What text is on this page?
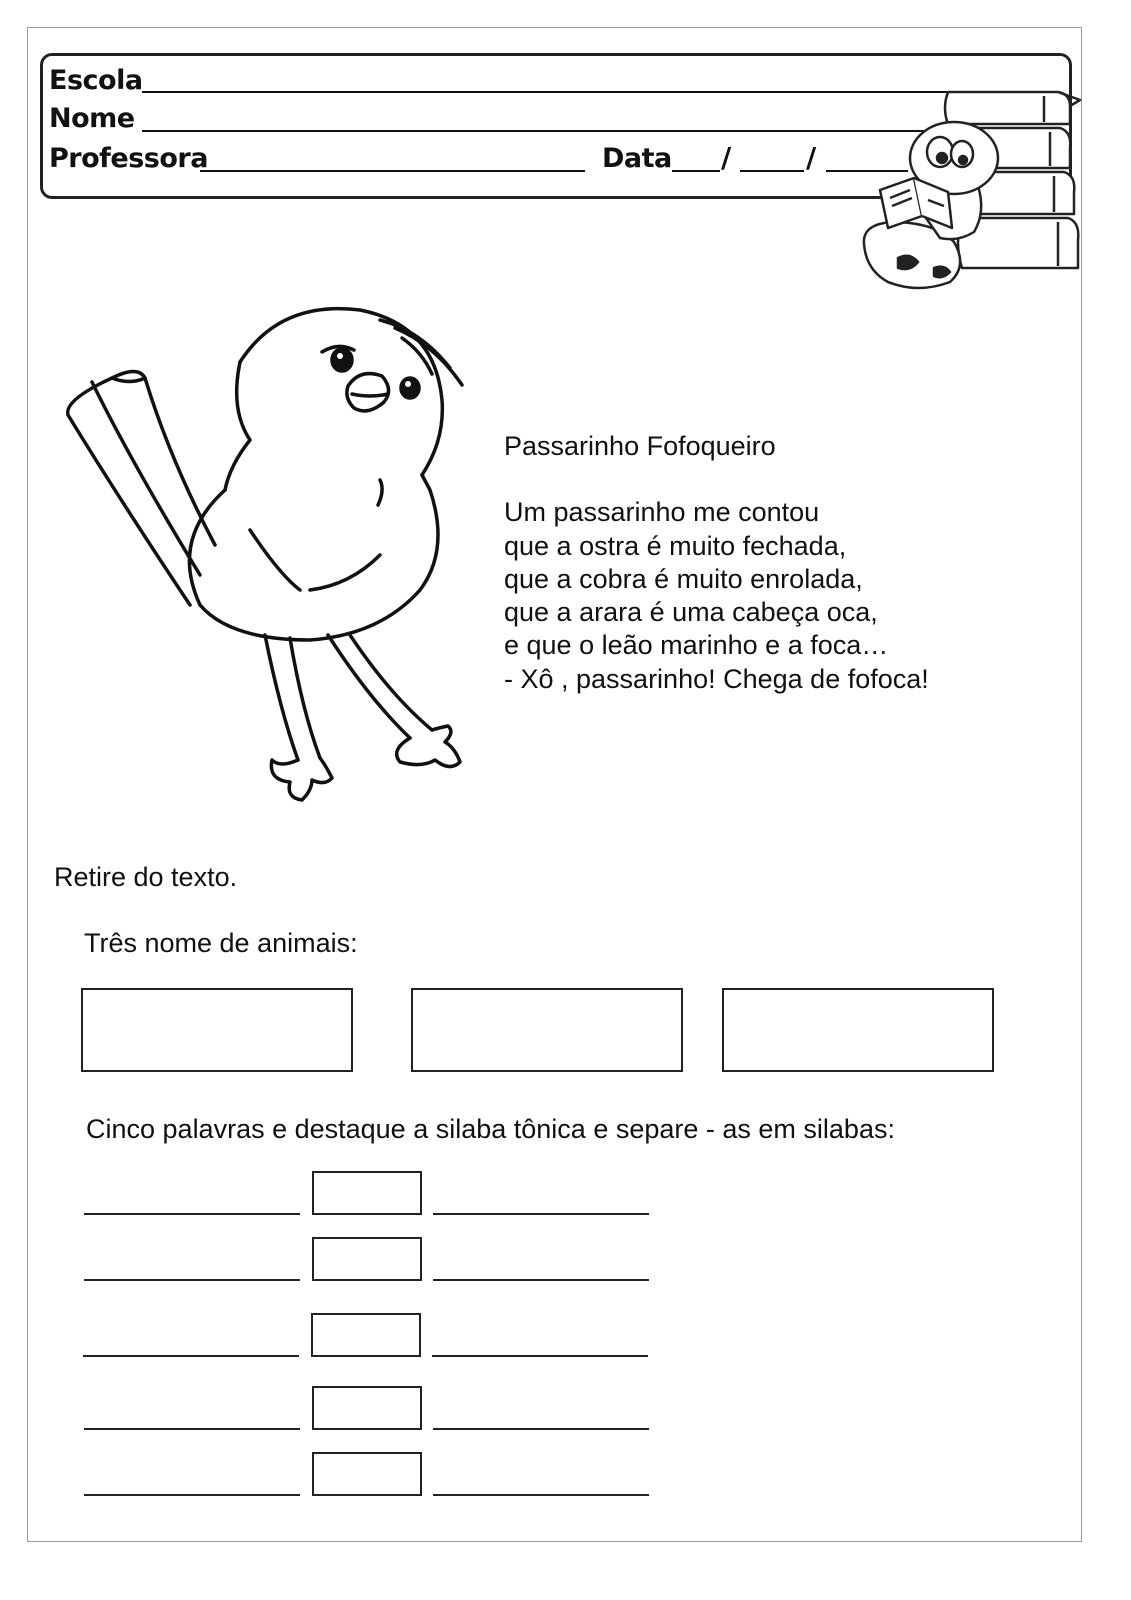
Escola
Nome
Professora	Data /	/
Passarinho Fofoqueiro
Um passarinho me contou
que a ostra é muito fechada,
que a cobra é muito enrolada,
que a arara é uma cabeça oca,
e que o leão marinho e a foca…
- Xô , passarinho! Chega de fofoca!
Retire do texto.
Três nome de animais:
Cinco palavras e destaque a silaba tônica e separe - as em silabas:
